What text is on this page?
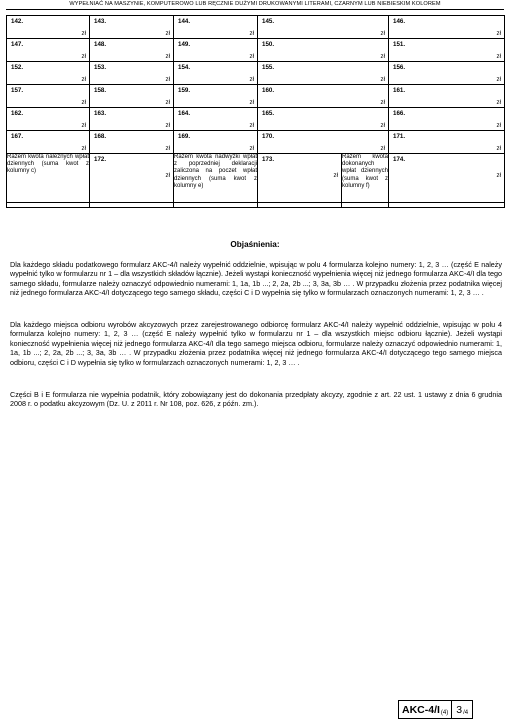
WYPEŁNIAĆ NA MASZYNIE, KOMPUTEROWO LUB RĘCZNIE DUŻYMI DRUKOWANYMI LITERAMI, CZARNYM LUB NIEBIESKIM KOLOREM
142.
zł	143.
zł	144.
zł	145.
zł		146.
zł

147.
zł	148.
zł	149.
zł	150.
zł		151.
zł

152.
zł	153.
zł	154.
zł	155.
zł		156.
zł

157.
zł	158.
zł	159.
zł	160.
zł		161.
zł

162.
zł	163.
zł	164.
zł	165.
zł		166.
zł

167.
zł	168.
zł	169.
zł	170.
zł		171.
zł

Razem kwota należnych wpłat dziennych (suma kwot z kolumny c)	172.
zł	Razem kwota nadwyżki wpłat z poprzedniej deklaracji zaliczona na poczet wpłat dziennych (suma kwot z kolumny e)	173.
zł	Razem kwota dokonanych wpłat dziennych (suma kwot z kolumny f)	174.
zł

Objaśnienia:

Dla każdego składu podatkowego formularz AKC-4/I należy wypełnić oddzielnie, wpisując w polu 4 formularza kolejno numery: 1, 2, 3 … (część E należy wypełnić tylko w formularzu nr 1 – dla wszystkich składów łącznie). Jeżeli wystąpi konieczność wypełnienia więcej niż jednego formularza AKC-4/I dla tego samego składu, formularze należy oznaczyć odpowiednio numerami: 1, 1a, 1b ...; 2, 2a, 2b ...; 3, 3a, 3b … . W przypadku złożenia przez podatnika więcej niż jednego formularza AKC-4/I dotyczącego tego samego składu, części C i D wypełnia się tylko w formularzach oznaczonych numerami: 1, 2, 3 … .

Dla każdego miejsca odbioru wyrobów akcyzowych przez zarejestrowanego odbiorcę formularz AKC-4/I należy wypełnić oddzielnie, wpisując w polu 4 formularza kolejno numery: 1, 2, 3 … (część E należy wypełnić tylko w formularzu nr 1 – dla wszystkich miejsc odbioru łącznie). Jeżeli wystąpi konieczność wypełnienia więcej niż jednego formularza AKC-4/I dla tego samego miejsca odbioru, formularze należy oznaczyć odpowiednio numerami: 1, 1a, 1b ...; 2, 2a, 2b ...; 3, 3a, 3b … . W przypadku złożenia przez podatnika więcej niż jednego formularza AKC-4/I dotyczącego tego samego miejsca odbioru, części C i D wypełnia się tylko w formularzach oznaczonych numerami: 1, 2, 3 … .

Części B i E formularza nie wypełnia podatnik, który zobowiązany jest do dokonania przedpłaty akcyzy, zgodnie z art. 22 ust. 1 ustawy z dnia 6 grudnia 2008 r. o podatku akcyzowym (Dz. U. z 2011 r. Nr 108, poz. 626, z późn. zm.).

AKC-4/I (4) 3 /4
